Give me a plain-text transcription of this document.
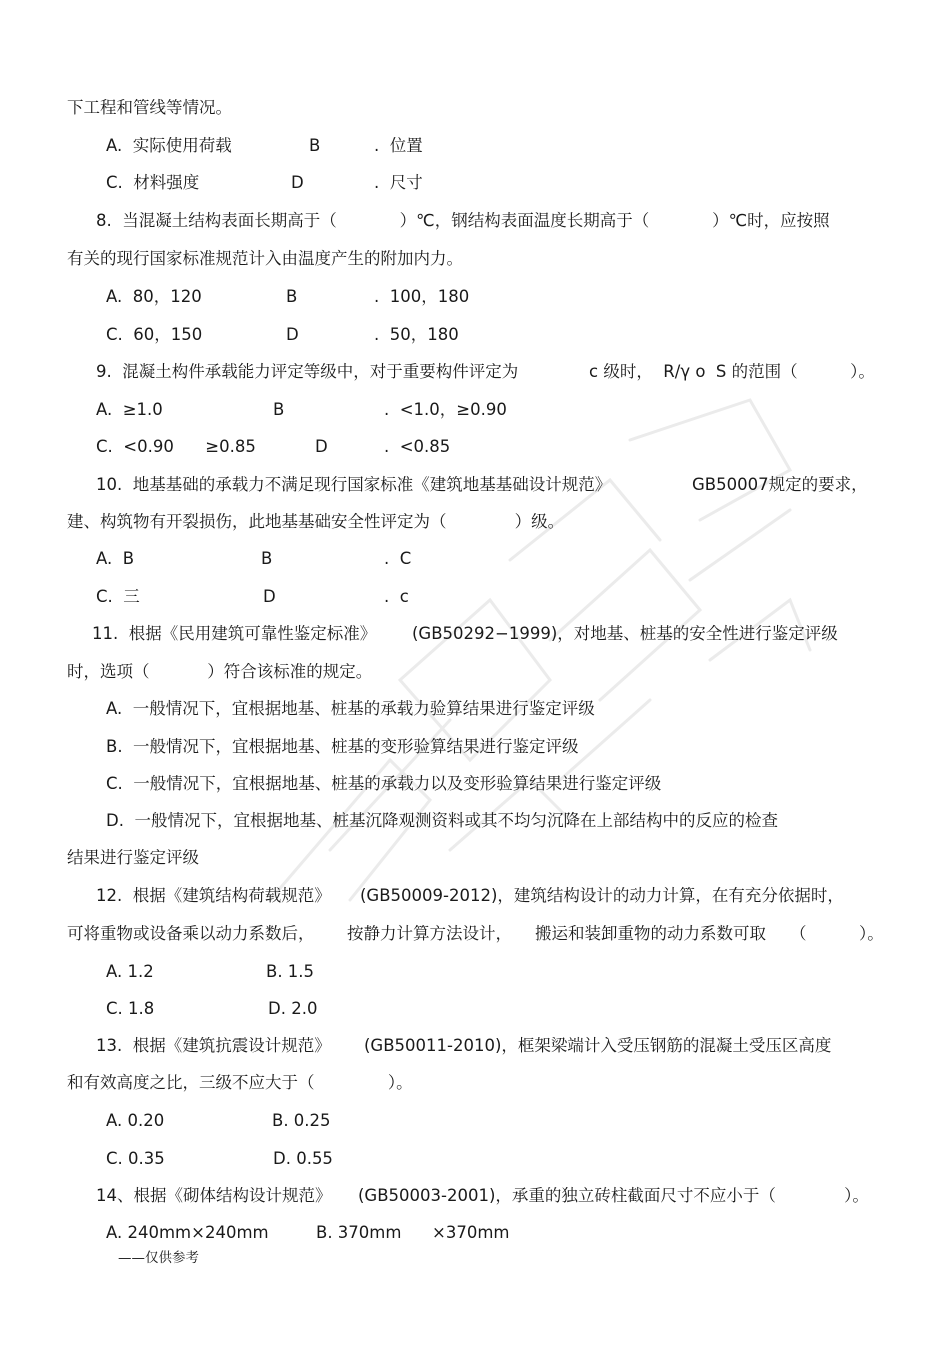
下工程和管线等情况。
A.  实际使用荷载	B	.  位置
C.  材料强度	D	.  尺寸
8.  当混凝土结构表面长期高于（            ）℃，钢结构表面温度长期高于（            ）℃时，应按照
有关的现行国家标准规范计入由温度产生的附加内力。
A.  80，120	B	.  100，180
C.  60，150	D	.  50，180
9.  混凝土构件承载能力评定等级中，对于重要构件评定为	c 级时，  R/γ o  S 的范围（          ）。
A.  ≥1.0	B	.  <1.0，≥0.90
C.  <0.90      ≥0.85	D	.  <0.85
10.  地基基础的承载力不满足现行国家标准《建筑地基基础设计规范》	GB50007规定的要求，
建、构筑物有开裂损伤，此地基基础安全性评定为（             ）级。
A.  B	B	.  C
C.  三	D	.  c
11.  根据《民用建筑可靠性鉴定标准》 (GB50292−1999)，对地基、桩基的安全性进行鉴定评级
时，选项（           ）符合该标准的规定。
A.  一般情况下，宜根据地基、桩基的承载力验算结果进行鉴定评级
B.  一般情况下，宜根据地基、桩基的变形验算结果进行鉴定评级
C.  一般情况下，宜根据地基、桩基的承载力以及变形验算结果进行鉴定评级
D.  一般情况下，宜根据地基、桩基沉降观测资料或其不均匀沉降在上部结构中的反应的检查
结果进行鉴定评级
12.  根据《建筑结构荷载规范》 (GB50009-2012)，建筑结构设计的动力计算，在有充分依据时，
可将重物或设备乘以动力系数后， 按静力计算方法设计， 搬运和装卸重物的动力系数可取 （          ）。
A. 1.2	B. 1.5
C. 1.8	D. 2.0
13.  根据《建筑抗震设计规范》 (GB50011-2010)，框架梁端计入受压钢筋的混凝土受压区高度
和有效高度之比，三级不应大于（              ）。
A. 0.20	B. 0.25
C. 0.35	D. 0.55
14、根据《砌体结构设计规范》 (GB50003-2001)，承重的独立砖柱截面尺寸不应小于（             ）。
A. 240mm×240mm	B. 370mm ×370mm
——仅供参考
